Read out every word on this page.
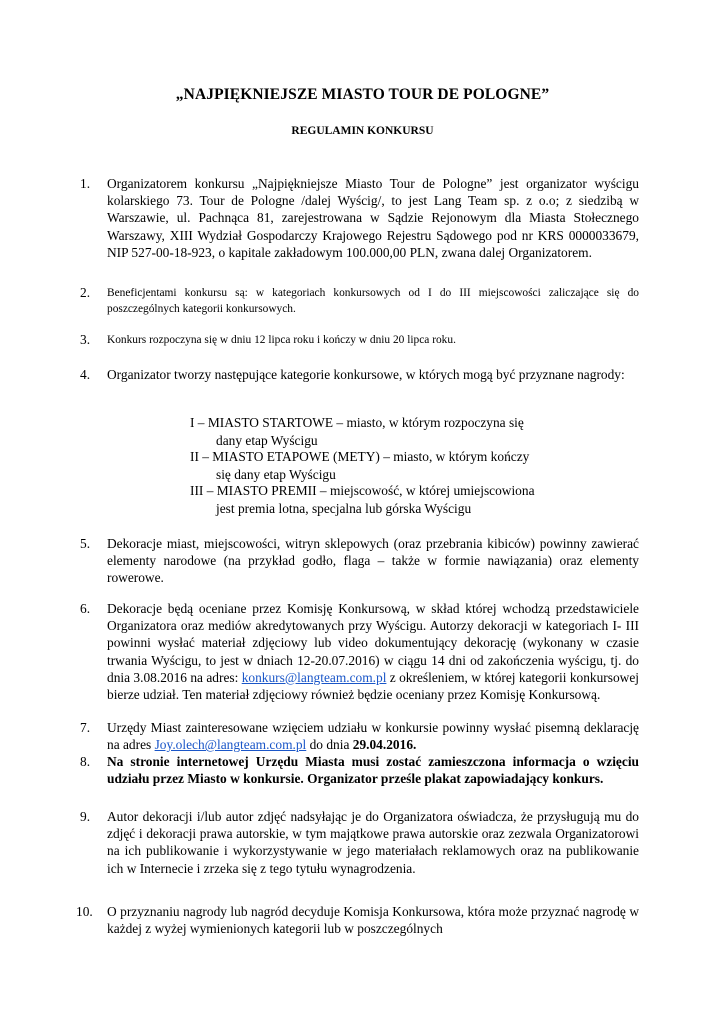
„NAJPIĘKNIEJSZE MIASTO TOUR DE POLOGNE”
REGULAMIN KONKURSU
1.	Organizatorem konkursu „Najpiękniejsze Miasto Tour de Pologne” jest organizator wyścigu kolarskiego 73. Tour de Pologne /dalej Wyścig/, to jest Lang Team sp. z o.o; z siedzibą w Warszawie, ul. Pachnąca 81, zarejestrowana w Sądzie Rejonowym dla Miasta Stołecznego Warszawy, XIII Wydział Gospodarczy Krajowego Rejestru Sądowego pod nr KRS 0000033679, NIP 527-00-18-923, o kapitale zakładowym 100.000,00 PLN, zwana dalej Organizatorem.
2.	Beneficjentami konkursu są: w kategoriach konkursowych od I do III miejscowości zaliczające się do poszczególnych kategorii konkursowych.
3.	Konkurs rozpoczyna się w dniu 12 lipca roku i kończy w dniu 20 lipca roku.
4.	Organizator tworzy następujące kategorie konkursowe, w których mogą być przyznane nagrody:
I – MIASTO STARTOWE – miasto, w którym rozpoczyna się
dany etap Wyścigu
II – MIASTO ETAPOWE (METY) – miasto, w którym kończy
się dany etap Wyścigu
III – MIASTO PREMII – miejscowość, w której umiejscowiona
jest premia lotna, specjalna lub górska Wyścigu
5.	Dekoracje miast, miejscowości, witryn sklepowych (oraz przebrania kibiców) powinny zawierać elementy narodowe (na przykład godło, flaga – także w formie nawiązania) oraz elementy rowerowe.
6.	Dekoracje będą oceniane przez Komisję Konkursową, w skład której wchodzą przedstawiciele Organizatora oraz mediów akredytowanych przy Wyścigu. Autorzy dekoracji w kategoriach I- III powinni wysłać materiał zdjęciowy lub video dokumentujący dekorację (wykonany w czasie trwania Wyścigu, to jest w dniach 12-20.07.2016) w ciągu 14 dni od zakończenia wyścigu, tj. do dnia 3.08.2016 na adres: konkurs@langteam.com.pl z określeniem, w której kategorii konkursowej bierze udział. Ten materiał zdjęciowy również będzie oceniany przez Komisję Konkursową.
7.	Urzędy Miast zainteresowane wzięciem udziału w konkursie powinny wysłać pisemną deklarację na adres Joy.olech@langteam.com.pl do dnia 29.04.2016.
8.	Na stronie internetowej Urzędu Miasta musi zostać zamieszczona informacja o wzięciu udziału przez Miasto w konkursie. Organizator prześle plakat zapowiadający konkurs.
9.	Autor dekoracji i/lub autor zdjęć nadsyłając je do Organizatora oświadcza, że przysługują mu do zdjęć i dekoracji prawa autorskie, w tym majątkowe prawa autorskie oraz zezwala Organizatorowi na ich publikowanie i wykorzystywanie w jego materiałach reklamowych oraz na publikowanie ich w Internecie i zrzeka się z tego tytułu wynagrodzenia.
10.	O przyznaniu nagrody lub nagród decyduje Komisja Konkursowa, która może przyznać nagrodę w każdej z wyżej wymienionych kategorii lub w poszczególnych
